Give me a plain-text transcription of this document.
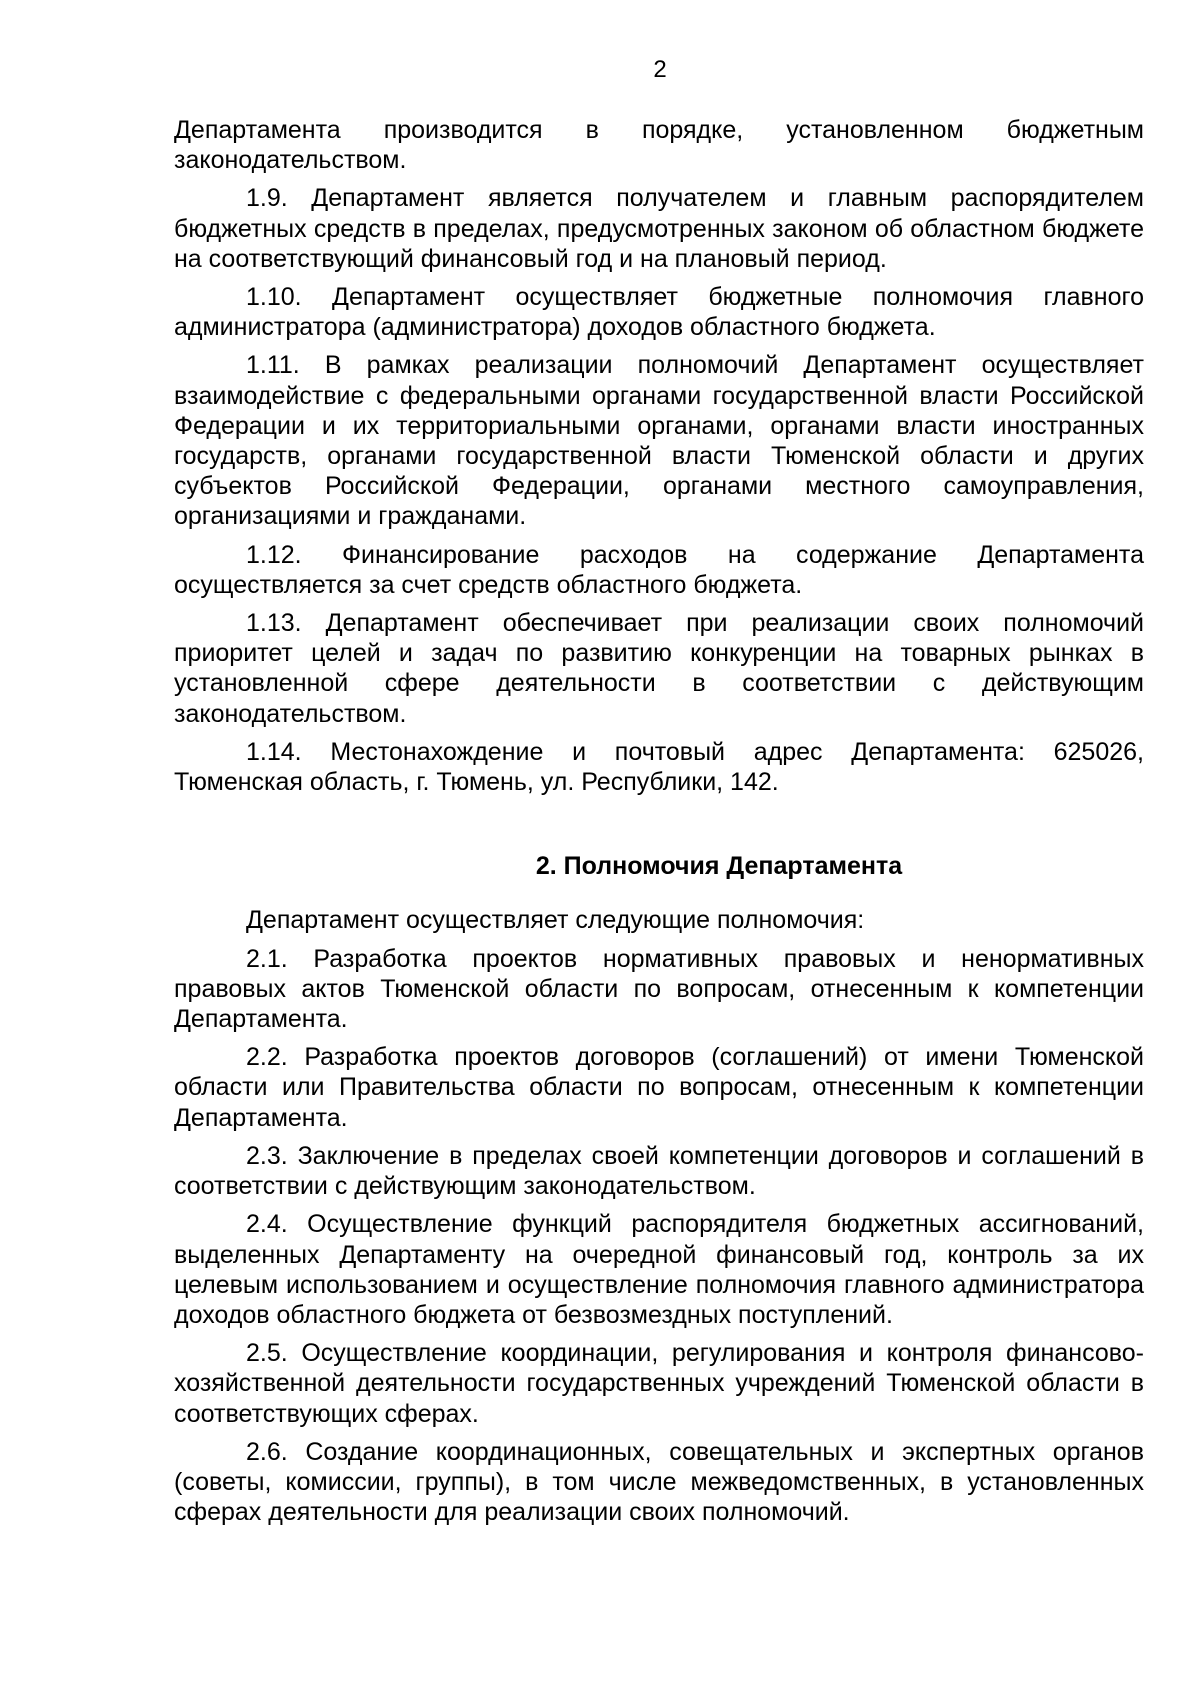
2

Департамента производится в порядке, установленном бюджетным законодательством.

1.9. Департамент является получателем и главным распорядителем бюджетных средств в пределах, предусмотренных законом об областном бюджете на соответствующий финансовый год и на плановый период.

1.10. Департамент осуществляет бюджетные полномочия главного администратора (администратора) доходов областного бюджета.

1.11. В рамках реализации полномочий Департамент осуществляет взаимодействие с федеральными органами государственной власти Российской Федерации и их территориальными органами, органами власти иностранных государств, органами государственной власти Тюменской области и других субъектов Российской Федерации, органами местного самоуправления, организациями и гражданами.

1.12. Финансирование расходов на содержание Департамента осуществляется за счет средств областного бюджета.

1.13. Департамент обеспечивает при реализации своих полномочий приоритет целей и задач по развитию конкуренции на товарных рынках в установленной сфере деятельности в соответствии с действующим законодательством.

1.14. Местонахождение и почтовый адрес Департамента: 625026, Тюменская область, г. Тюмень, ул. Республики, 142.

2. Полномочия Департамента

Департамент осуществляет следующие полномочия:

2.1. Разработка проектов нормативных правовых и ненормативных правовых актов Тюменской области по вопросам, отнесенным к компетенции Департамента.

2.2. Разработка проектов договоров (соглашений) от имени Тюменской области или Правительства области по вопросам, отнесенным к компетенции Департамента.

2.3. Заключение в пределах своей компетенции договоров и соглашений в соответствии с действующим законодательством.

2.4. Осуществление функций распорядителя бюджетных ассигнований, выделенных Департаменту на очередной финансовый год, контроль за их целевым использованием и осуществление полномочия главного администратора доходов областного бюджета от безвозмездных поступлений.

2.5. Осуществление координации, регулирования и контроля финансово-хозяйственной деятельности государственных учреждений Тюменской области в соответствующих сферах.

2.6. Создание координационных, совещательных и экспертных органов (советы, комиссии, группы), в том числе межведомственных, в установленных сферах деятельности для реализации своих полномочий.
